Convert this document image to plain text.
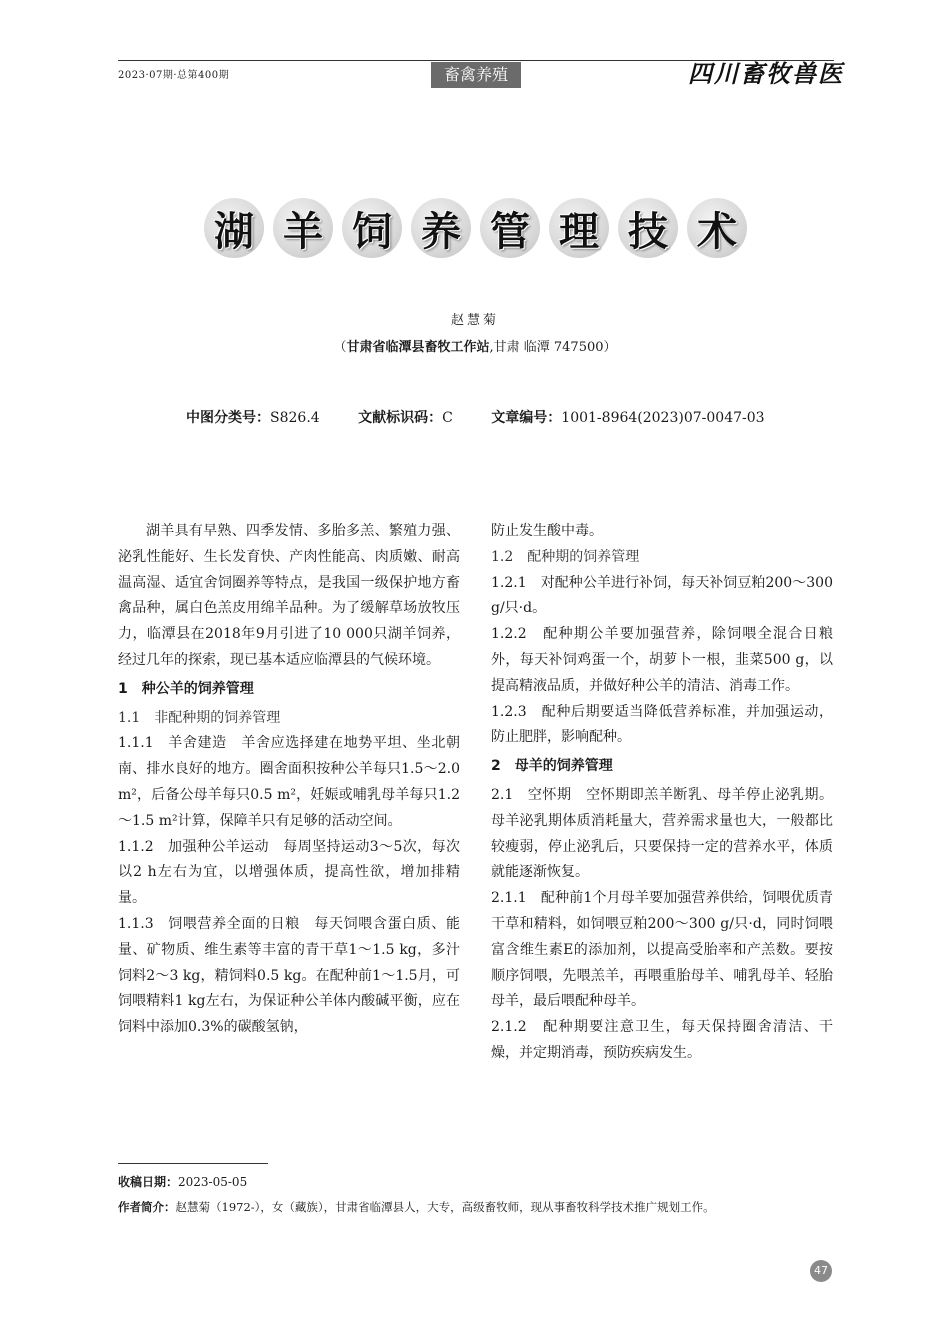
2023·07期·总第400期	畜禽养殖	四川畜牧兽医
湖 羊 饲 养 管 理 技 术
赵慧菊
（甘肃省临潭县畜牧工作站,甘肃 临潭 747500）
中图分类号：S826.4	文献标识码：C	文章编号：1001-8964(2023)07-0047-03

湖羊具有早熟、四季发情、多胎多羔、繁殖力强、泌乳性能好、生长发育快、产肉性能高、肉质嫩、耐高温高湿、适宜舍饲圈养等特点，是我国一级保护地方畜禽品种，属白色羔皮用绵羊品种。为了缓解草场放牧压力，临潭县在2018年9月引进了10 000只湖羊饲养，经过几年的探索，现已基本适应临潭县的气候环境。

1　种公羊的饲养管理

1.1　非配种期的饲养管理

1.1.1 羊舍建造 羊舍应选择建在地势平坦、坐北朝南、排水良好的地方。圈舍面积按种公羊每只1.5～2.0 m²，后备公母羊每只0.5 m²，妊娠或哺乳母羊每只1.2～1.5 m²计算，保障羊只有足够的活动空间。

1.1.2 加强种公羊运动 每周坚持运动3～5次，每次以2 h左右为宜，以增强体质，提高性欲，增加排精量。

1.1.3 饲喂营养全面的日粮 每天饲喂含蛋白质、能量、矿物质、维生素等丰富的青干草1～1.5 kg，多汁饲料2～3 kg，精饲料0.5 kg。在配种前1～1.5月，可饲喂精料1 kg左右，为保证种公羊体内酸碱平衡，应在饲料中添加0.3%的碳酸氢钠，

防止发生酸中毒。

1.2　配种期的饲养管理

1.2.1　对配种公羊进行补饲，每天补饲豆粕200～300 g/只·d。

1.2.2　配种期公羊要加强营养，除饲喂全混合日粮外，每天补饲鸡蛋一个，胡萝卜一根，韭菜500 g，以提高精液品质，并做好种公羊的清洁、消毒工作。

1.2.3　配种后期要适当降低营养标准，并加强运动，防止肥胖，影响配种。

2　母羊的饲养管理

2.1 空怀期 空怀期即羔羊断乳、母羊停止泌乳期。母羊泌乳期体质消耗量大，营养需求量也大，一般都比较瘦弱，停止泌乳后，只要保持一定的营养水平，体质就能逐渐恢复。

2.1.1　配种前1个月母羊要加强营养供给，饲喂优质青干草和精料，如饲喂豆粕200～300 g/只·d，同时饲喂富含维生素E的添加剂，以提高受胎率和产羔数。要按顺序饲喂，先喂羔羊，再喂重胎母羊、哺乳母羊、轻胎母羊，最后喂配种母羊。

2.1.2　配种期要注意卫生，每天保持圈舍清洁、干燥，并定期消毒，预防疾病发生。

收稿日期：2023-05-05
作者简介：赵慧菊（1972-），女（藏族），甘肃省临潭县人，大专，高级畜牧师，现从事畜牧科学技术推广规划工作。
47
